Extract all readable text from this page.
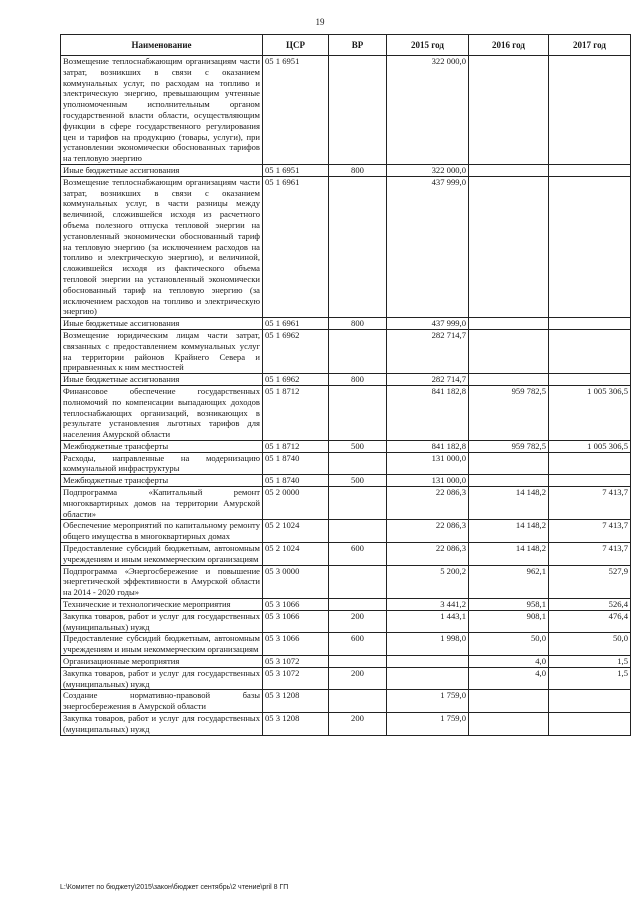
19
Наименование	ЦСР	ВР	2015 год	2016 год	2017 год
Возмещение теплоснабжающим организациям части затрат, возникших в связи с оказанием коммунальных услуг, по расходам на топливо и электрическую энергию, превышающим учтенные уполномоченным исполнительным органом государственной власти области, осуществляющим функции в сфере государственного регулирования цен и тарифов на продукцию (товары, услуги), при установлении экономически обоснованных тарифов на тепловую энергию	05 1 6951		322 000,0		
Иные бюджетные ассигнования	05 1 6951	800	322 000,0		
Возмещение теплоснабжающим организациям части затрат, возникших в связи с оказанием коммунальных услуг, в части разницы между величиной, сложившейся исходя из расчетного объема полезного отпуска тепловой энергии на установленный экономически обоснованный тариф на тепловую энергию (за исключением расходов на топливо и электрическую энергию), и величиной, сложившейся исходя из фактического объема тепловой энергии на установленный экономически обоснованный тариф на тепловую энергию (за исключением расходов на топливо и электрическую энергию)	05 1 6961		437 999,0		
Иные бюджетные ассигнования	05 1 6961	800	437 999,0		
Возмещение юридическим лицам части затрат, связанных с предоставлением коммунальных услуг на территории районов Крайнего Севера и приравненных к ним местностей	05 1 6962		282 714,7		
Иные бюджетные ассигнования	05 1 6962	800	282 714,7		
Финансовое обеспечение государственных полномочий по компенсации выпадающих доходов теплоснабжающих организаций, возникающих в результате установления льготных тарифов для населения Амурской области	05 1 8712		841 182,8	959 782,5	1 005 306,5
Межбюджетные трансферты	05 1 8712	500	841 182,8	959 782,5	1 005 306,5
Расходы, направленные на модернизацию коммунальной инфраструктуры	05 1 8740		131 000,0		
Межбюджетные трансферты	05 1 8740	500	131 000,0		
Подпрограмма «Капитальный ремонт многоквартирных домов на территории Амурской области»	05 2 0000		22 086,3	14 148,2	7 413,7
Обеспечение мероприятий по капитальному ремонту общего имущества в многоквартирных домах	05 2 1024		22 086,3	14 148,2	7 413,7
Предоставление субсидий бюджетным, автономным учреждениям и иным некоммерческим организациям	05 2 1024	600	22 086,3	14 148,2	7 413,7
Подпрограмма «Энергосбережение и повышение энергетической эффективности в Амурской области на 2014 - 2020 годы»	05 3 0000		5 200,2	962,1	527,9
Технические и технологические мероприятия	05 3 1066		3 441,2	958,1	526,4
Закупка товаров, работ и услуг для государственных (муниципальных) нужд	05 3 1066	200	1 443,1	908,1	476,4
Предоставление субсидий бюджетным, автономным учреждениям и иным некоммерческим организациям	05 3 1066	600	1 998,0	50,0	50,0
Организационные мероприятия	05 3 1072			4,0	1,5
Закупка товаров, работ и услуг для государственных (муниципальных) нужд	05 3 1072	200		4,0	1,5
Создание нормативно-правовой базы энергосбережения в Амурской области	05 3 1208		1 759,0		
Закупка товаров, работ и услуг для государственных (муниципальных) нужд	05 3 1208	200	1 759,0		
L:\Комитет по бюджету\2015\закон\бюджет сентябрь\2 чтение\pril 8 ГП
